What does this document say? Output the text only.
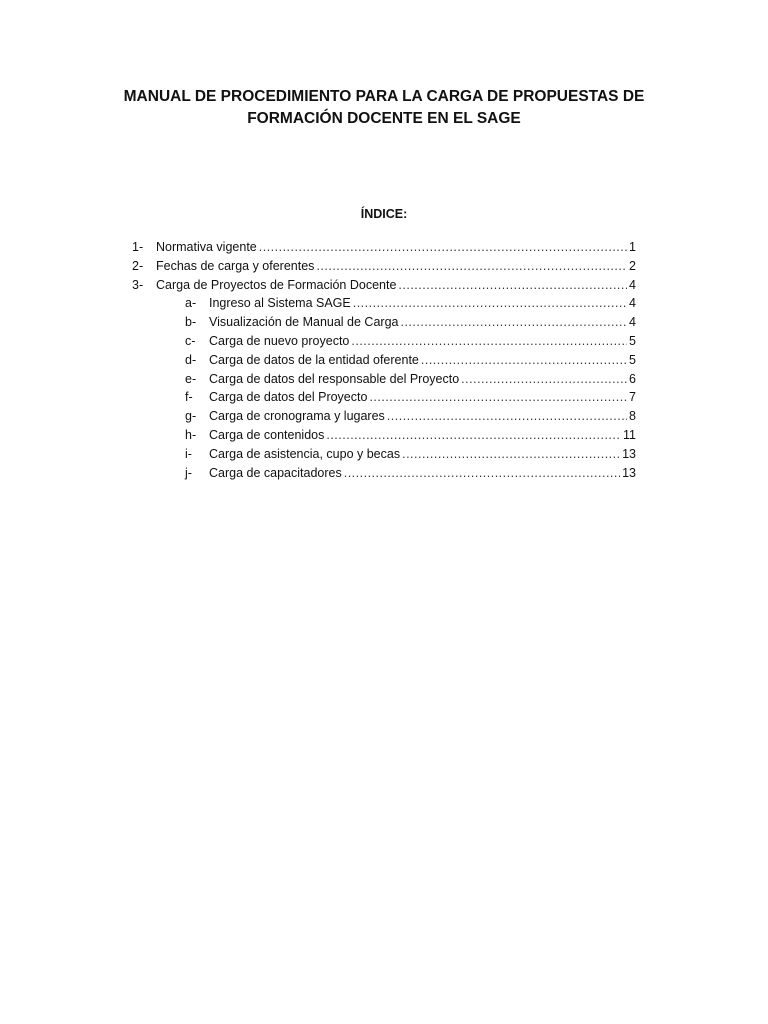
MANUAL DE PROCEDIMIENTO PARA LA CARGA DE PROPUESTAS DE
FORMACIÓN DOCENTE EN EL SAGE
ÍNDICE:
1-	Normativa vigente .....	1
2-	Fechas de carga y oferentes .....	2
3-	Carga de Proyectos de Formación Docente .....	4
a-	Ingreso al Sistema SAGE .....	4
b-	Visualización de Manual de Carga .....	4
c-	Carga de nuevo proyecto .....	5
d-	Carga de datos de la entidad oferente .....	5
e-	Carga de datos del responsable del Proyecto .....	6
f-	Carga de datos del Proyecto .....	7
g-	Carga de cronograma y lugares .....	8
h-	Carga de contenidos .....	11
i-	Carga de asistencia, cupo y becas .....	13
j-	Carga de capacitadores .....	13
